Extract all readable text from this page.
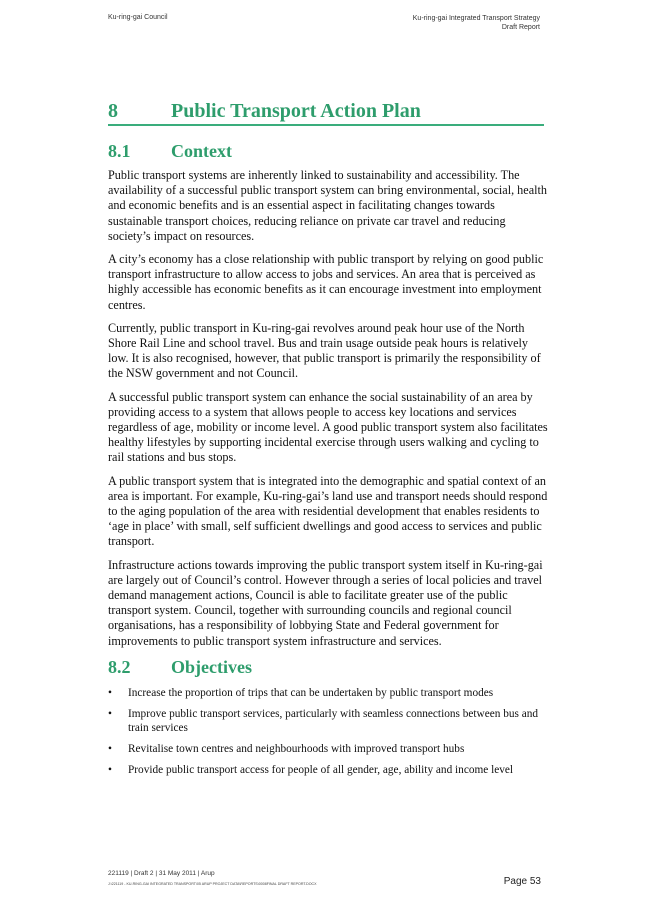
Ku-ring-gai Council	Ku-ring-gai Integrated Transport Strategy
Draft Report
8	Public Transport Action Plan
8.1 Context

Public transport systems are inherently linked to sustainability and accessibility. The availability of a successful public transport system can bring environmental, social, health and economic benefits and is an essential aspect in facilitating changes towards sustainable transport choices, reducing reliance on private car travel and reducing society’s impact on resources.

A city’s economy has a close relationship with public transport by relying on good public transport infrastructure to allow access to jobs and services. An area that is perceived as highly accessible has economic benefits as it can encourage investment into employment centres.

Currently, public transport in Ku-ring-gai revolves around peak hour use of the North Shore Rail Line and school travel. Bus and train usage outside peak hours is relatively low. It is also recognised, however, that public transport is primarily the responsibility of the NSW government and not Council.

A successful public transport system can enhance the social sustainability of an area by providing access to a system that allows people to access key locations and services regardless of age, mobility or income level. A good public transport system also facilitates healthy lifestyles by supporting incidental exercise through users walking and cycling to rail stations and bus stops.

A public transport system that is integrated into the demographic and spatial context of an area is important. For example, Ku-ring-gai’s land use and transport needs should respond to the aging population of the area with residential development that enables residents to ‘age in place’ with small, self sufficient dwellings and good access to services and public transport.

Infrastructure actions towards improving the public transport system itself in Ku-ring-gai are largely out of Council’s control. However through a series of local policies and travel demand management actions, Council is able to facilitate greater use of the public transport system. Council, together with surrounding councils and regional council organisations, has a responsibility of lobbying State and Federal government for improvements to public transport system infrastructure and services.

8.2 Objectives
• Increase the proportion of trips that can be undertaken by public transport modes
• Improve public transport services, particularly with seamless connections between bus and train services
• Revitalise town centres and neighbourhoods with improved transport hubs
• Provide public transport access for people of all gender, age, ability and income level
221119 | Draft 2 | 31 May 2011 | Arup
J:\221119 - KU-RING-GAI INTEGRATED TRANSPORT\05 ARUP PROJECT DATA\REPORTS\0008FINAL DRAFT REPORT.DOCX	Page 53
